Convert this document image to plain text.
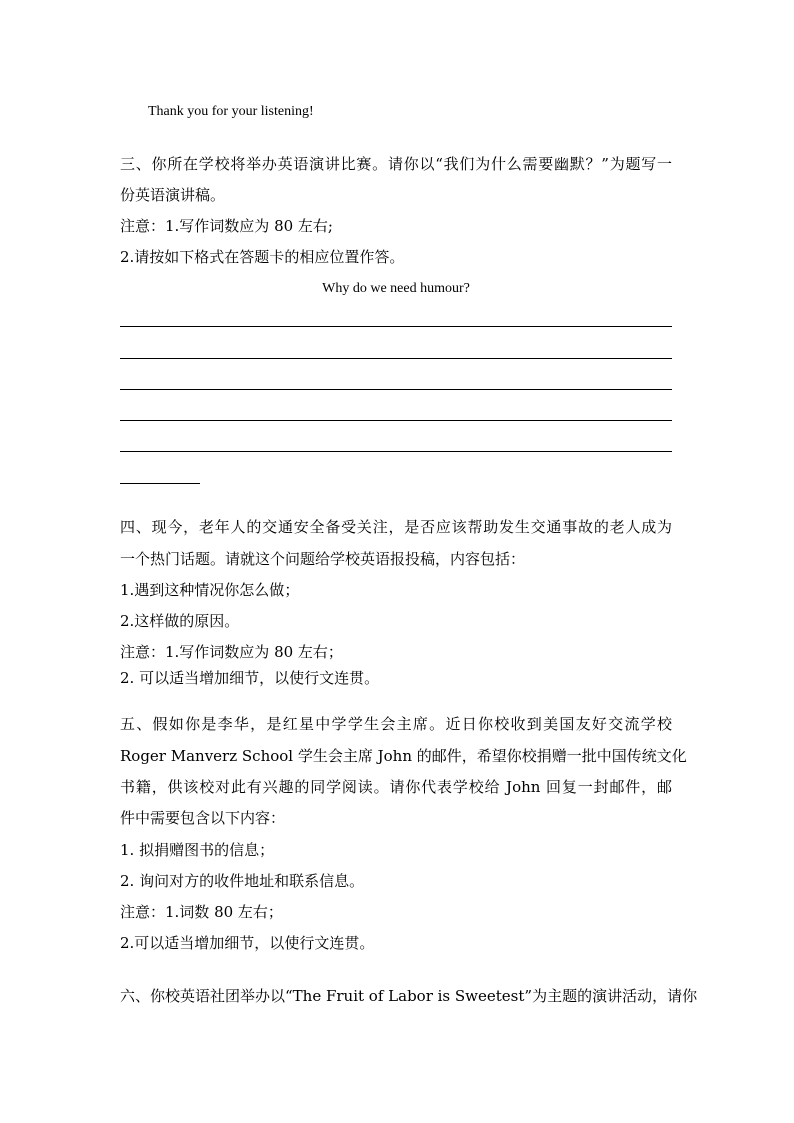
Thank you for your listening!
三、你所在学校将举办英语演讲比赛。请你以“我们为什么需要幽默？”为题写一
份英语演讲稿。
注意：1.写作词数应为 80 左右;
2.请按如下格式在答题卡的相应位置作答。
Why do we need humour?
四、现今，老年人的交通安全备受关注，是否应该帮助发生交通事故的老人成为
一个热门话题。请就这个问题给学校英语报投稿，内容包括：
1.遇到这种情况你怎么做；
2.这样做的原因。
注意：1.写作词数应为 80 左右；
2. 可以适当增加细节，以使行文连贯。
五、假如你是李华，是红星中学学生会主席。近日你校收到美国友好交流学校
Roger Manverz School 学生会主席 John 的邮件，希望你校捐赠一批中国传统文化
书籍，供该校对此有兴趣的同学阅读。请你代表学校给 John 回复一封邮件，邮
件中需要包含以下内容：
1. 拟捐赠图书的信息；
2. 询问对方的收件地址和联系信息。
注意：1.词数 80 左右；
2.可以适当增加细节，以使行文连贯。
六、你校英语社团举办以“The Fruit of Labor is Sweetest”为主题的演讲活动，请你
